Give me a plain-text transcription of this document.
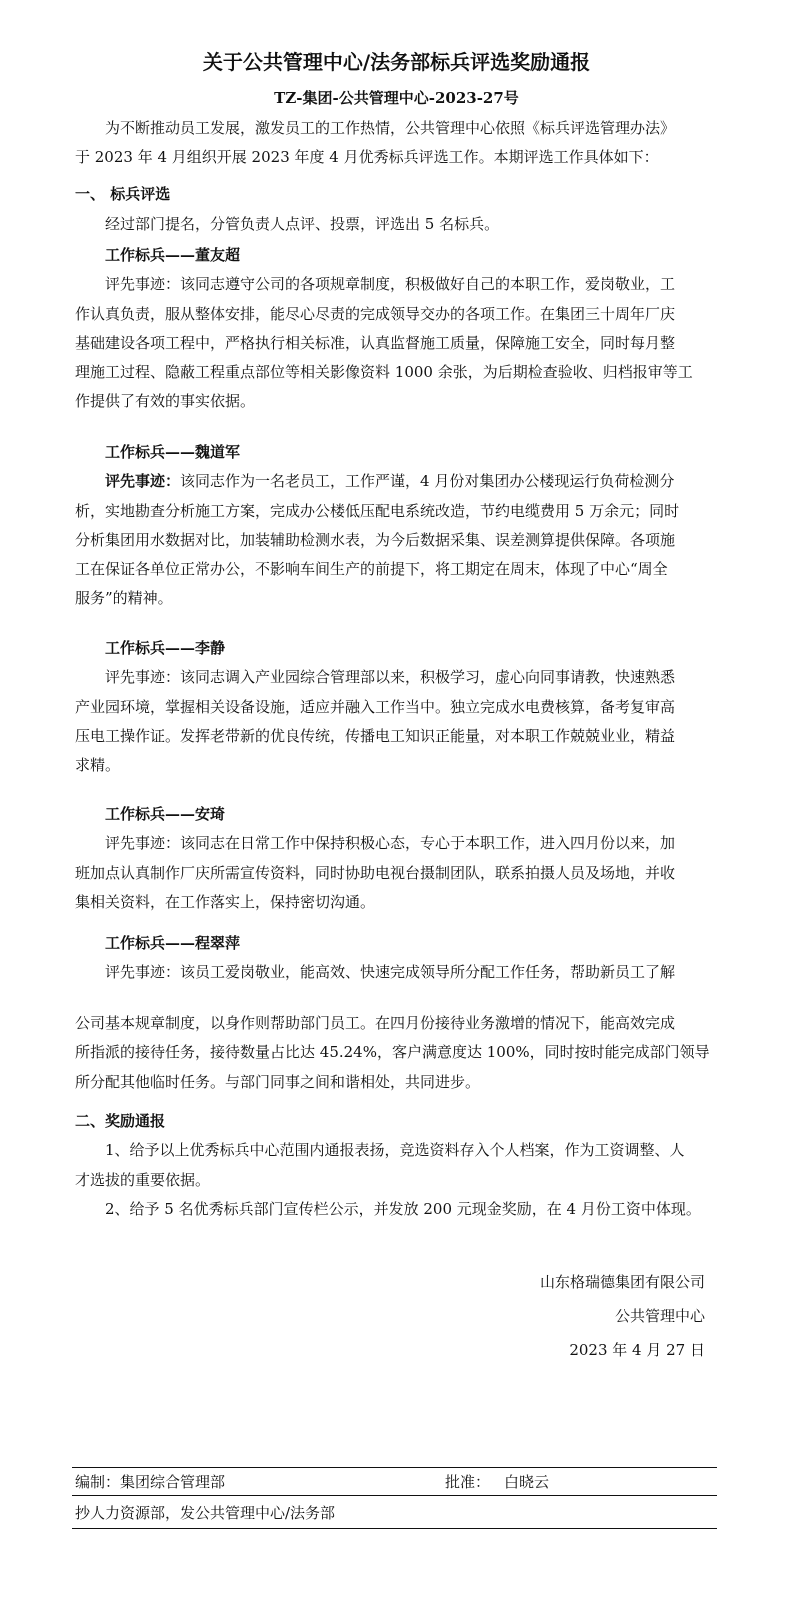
关于公共管理中心/法务部标兵评选奖励通报
TZ-集团-公共管理中心-2023-27号
为不断推动员工发展，激发员工的工作热情，公共管理中心依照《标兵评选管理办法》
于 2023 年 4 月组织开展 2023 年度 4 月优秀标兵评选工作。本期评选工作具体如下：
一、 标兵评选
经过部门提名，分管负责人点评、投票，评选出 5 名标兵。
工作标兵——董友超
评先事迹：该同志遵守公司的各项规章制度，积极做好自己的本职工作，爱岗敬业，工
作认真负责，服从整体安排，能尽心尽责的完成领导交办的各项工作。在集团三十周年厂庆
基础建设各项工程中，严格执行相关标准，认真监督施工质量，保障施工安全，同时每月整
理施工过程、隐蔽工程重点部位等相关影像资料 1000 余张，为后期检查验收、归档报审等工
作提供了有效的事实依据。
工作标兵——魏道军
评先事迹：该同志作为一名老员工，工作严谨，4 月份对集团办公楼现运行负荷检测分
析，实地勘查分析施工方案，完成办公楼低压配电系统改造，节约电缆费用 5 万余元；同时
分析集团用水数据对比，加装辅助检测水表，为今后数据采集、误差测算提供保障。各项施
工在保证各单位正常办公，不影响车间生产的前提下，将工期定在周末，体现了中心“周全
服务”的精神。
工作标兵——李静
评先事迹：该同志调入产业园综合管理部以来，积极学习，虚心向同事请教，快速熟悉
产业园环境，掌握相关设备设施，适应并融入工作当中。独立完成水电费核算，备考复审高
压电工操作证。发挥老带新的优良传统，传播电工知识正能量，对本职工作兢兢业业，精益
求精。
工作标兵——安琦
评先事迹：该同志在日常工作中保持积极心态，专心于本职工作，进入四月份以来，加
班加点认真制作厂庆所需宣传资料，同时协助电视台摄制团队，联系拍摄人员及场地，并收
集相关资料，在工作落实上，保持密切沟通。
工作标兵——程翠萍
评先事迹：该员工爱岗敬业，能高效、快速完成领导所分配工作任务，帮助新员工了解
公司基本规章制度，以身作则帮助部门员工。在四月份接待业务激增的情况下，能高效完成
所指派的接待任务，接待数量占比达 45.24%，客户满意度达 100%，同时按时能完成部门领导
所分配其他临时任务。与部门同事之间和谐相处，共同进步。
二、奖励通报
1、给予以上优秀标兵中心范围内通报表扬，竞选资料存入个人档案，作为工资调整、人
才选拔的重要依据。
2、给予 5 名优秀标兵部门宣传栏公示，并发放 200 元现金奖励，在 4 月份工资中体现。
山东格瑞德集团有限公司
公共管理中心
2023 年 4 月 27 日
编制：集团综合管理部	批准： 白晓云
抄人力资源部，发公共管理中心/法务部
